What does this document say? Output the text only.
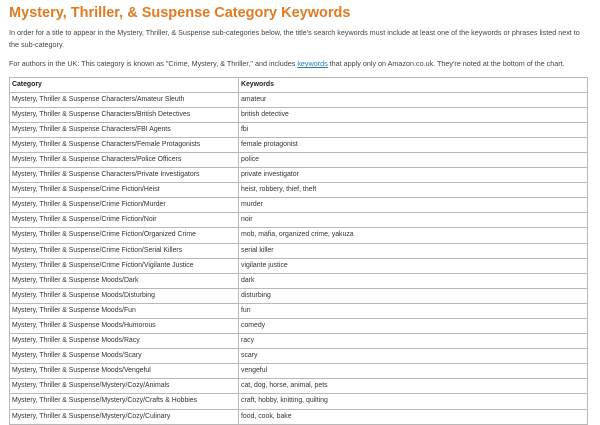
Mystery, Thriller, & Suspense Category Keywords

In order for a title to appear in the Mystery, Thriller, & Suspense sub-categories below, the title's search keywords must include at least one of the keywords or phrases listed next to the sub-category.

For authors in the UK: This category is known as "Crime, Mystery, & Thriller," and includes keywords that apply only on Amazon.co.uk. They're noted at the bottom of the chart.

Category	Keywords
Mystery, Thriller & Suspense Characters/Amateur Sleuth	amateur
Mystery, Thriller & Suspense Characters/British Detectives	british detective
Mystery, Thriller & Suspense Characters/FBI Agents	fbi
Mystery, Thriller & Suspense Characters/Female Protagonists	female protagonist
Mystery, Thriller & Suspense Characters/Police Officers	police
Mystery, Thriller & Suspense Characters/Private Investigators	private investigator
Mystery, Thriller & Suspense/Crime Fiction/Heist	heist, robbery, thief, theft
Mystery, Thriller & Suspense/Crime Fiction/Murder	murder
Mystery, Thriller & Suspense/Crime Fiction/Noir	noir
Mystery, Thriller & Suspense/Crime Fiction/Organized Crime	mob, mafia, organized crime, yakuza
Mystery, Thriller & Suspense/Crime Fiction/Serial Killers	serial killer
Mystery, Thriller & Suspense/Crime Fiction/Vigilante Justice	vigilante justice
Mystery, Thriller & Suspense Moods/Dark	dark
Mystery, Thriller & Suspense Moods/Disturbing	disturbing
Mystery, Thriller & Suspense Moods/Fun	fun
Mystery, Thriller & Suspense Moods/Humorous	comedy
Mystery, Thriller & Suspense Moods/Racy	racy
Mystery, Thriller & Suspense Moods/Scary	scary
Mystery, Thriller & Suspense Moods/Vengeful	vengeful
Mystery, Thriller & Suspense/Mystery/Cozy/Animals	cat, dog, horse, animal, pets
Mystery, Thriller & Suspense/Mystery/Cozy/Crafts & Hobbies	craft, hobby, knitting, quilting
Mystery, Thriller & Suspense/Mystery/Cozy/Culinary	food, cook, bake
